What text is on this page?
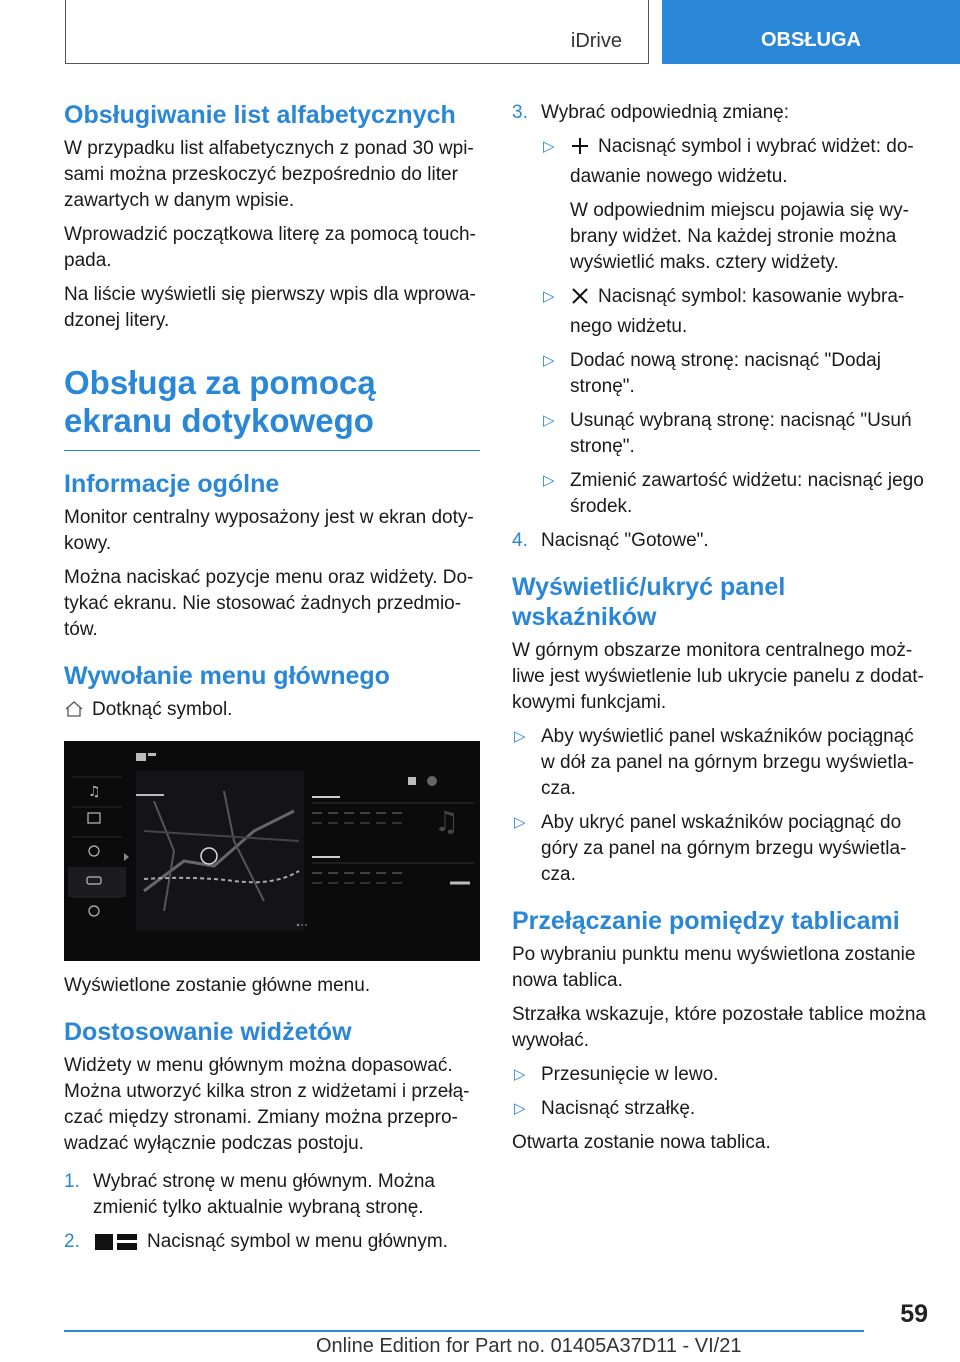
iDrive	OBSŁUGA
Obsługiwanie list alfabetycznych

W przypadku list alfabetycznych z ponad 30 wpi-sami można przeskoczyć bezpośrednio do liter zawartych w danym wpisie.

Wprowadzić początkowa literę za pomocą touch-pada.

Na liście wyświetli się pierwszy wpis dla wprowa-dzonej litery.

Obsługa za pomocą ekranu dotykowego
Informacje ogólne

Monitor centralny wyposażony jest w ekran doty-kowy.

Można naciskać pozycje menu oraz widżety. Do-tykać ekranu. Nie stosować żadnych przedmio-tów.

Wywołanie menu głównego

Dotknąć symbol.

♫
♫

Wyświetlone zostanie główne menu.

Dostosowanie widżetów

Widżety w menu głównym można dopasować. Można utworzyć kilka stron z widżetami i przełą-czać między stronami. Zmiany można przepro-wadzać wyłącznie podczas postoju.

1. Wybrać stronę w menu głównym. Można zmienić tylko aktualnie wybraną stronę.
2.	Nacisnąć symbol w menu głównym.
3. Wybrać odpowiednią zmianę:
▷ Nacisnąć symbol i wybrać widżet: do-dawanie nowego widżetu.
W odpowiednim miejscu pojawia się wy-brany widżet. Na każdej stronie można wyświetlić maks. cztery widżety.
▷ Nacisnąć symbol: kasowanie wybra-nego widżetu.
▷ Dodać nową stronę: nacisnąć "Dodaj stronę".
▷ Usunąć wybraną stronę: nacisnąć "Usuń stronę".
▷ Zmienić zawartość widżetu: nacisnąć jego środek.
4. Nacisnąć "Gotowe".
Wyświetlić/ukryć panel wskaźników

W górnym obszarze monitora centralnego moż-liwe jest wyświetlenie lub ukrycie panelu z dodat-kowymi funkcjami.

▷ Aby wyświetlić panel wskaźników pociągnąć w dół za panel na górnym brzegu wyświetla-cza.
▷ Aby ukryć panel wskaźników pociągnąć do góry za panel na górnym brzegu wyświetla-cza.
Przełączanie pomiędzy tablicami

Po wybraniu punktu menu wyświetlona zostanie nowa tablica.

Strzałka wskazuje, które pozostałe tablice można wywołać.

▷ Przesunięcie w lewo.
▷ Nacisnąć strzałkę.

Otwarta zostanie nowa tablica.

59
Online Edition for Part no. 01405A37D11 - VI/21
